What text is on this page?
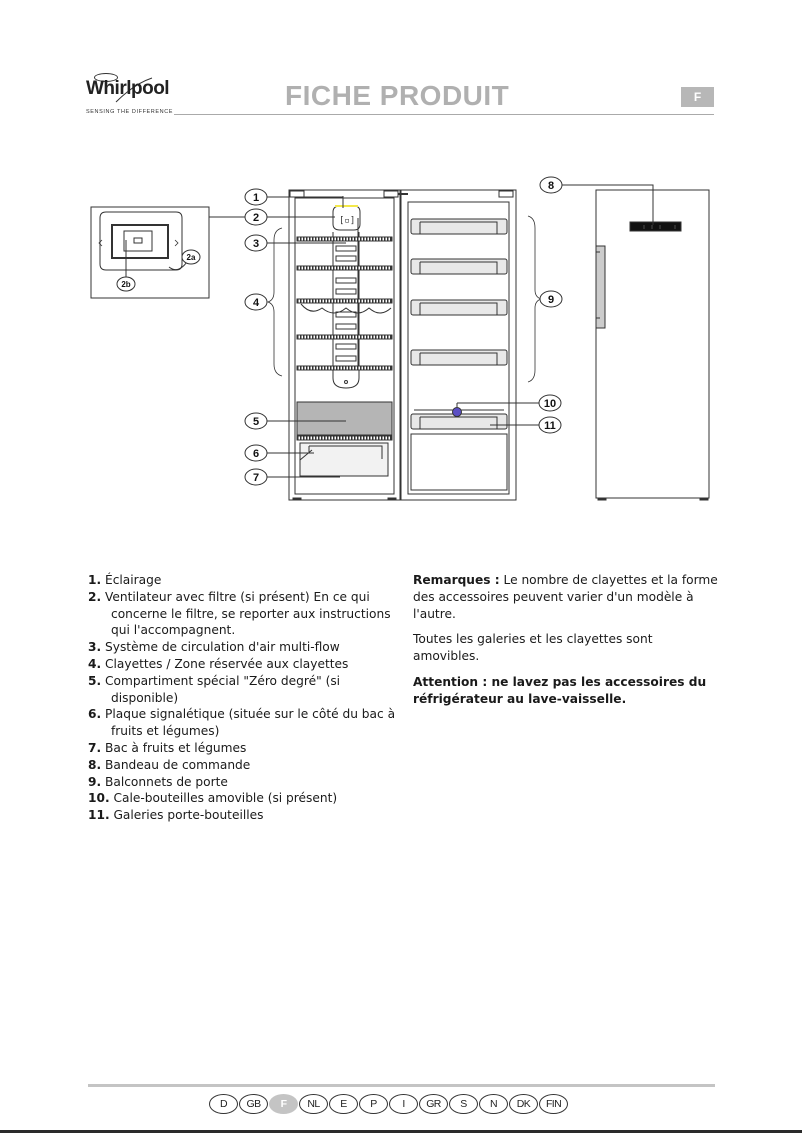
Whirlpool
SENSING THE DIFFERENCE
FICHE PRODUIT	F
[▫]
1
2
2a
2b
3
4
5
6
7
8
9
10
11
1. Éclairage
2. Ventilateur avec filtre (si présent) En ce qui concerne le filtre, se reporter aux instructions qui l'accompagnent.
3. Système de circulation d'air multi-flow
4. Clayettes / Zone réservée aux clayettes
5. Compartiment spécial "Zéro degré" (si disponible)
6. Plaque signalétique (située sur le côté du bac à fruits et légumes)
7. Bac à fruits et légumes
8. Bandeau de commande
9. Balconnets de porte
10. Cale-bouteilles amovible (si présent)
11. Galeries porte-bouteilles

Remarques : Le nombre de clayettes et la forme des accessoires peuvent varier d'un modèle à l'autre.

Toutes les galeries et les clayettes sont amovibles.

Attention : ne lavez pas les accessoires du réfrigérateur au lave-vaisselle.

D	GB	F	NL	E	P	I	GR	S	N	DK	FIN
